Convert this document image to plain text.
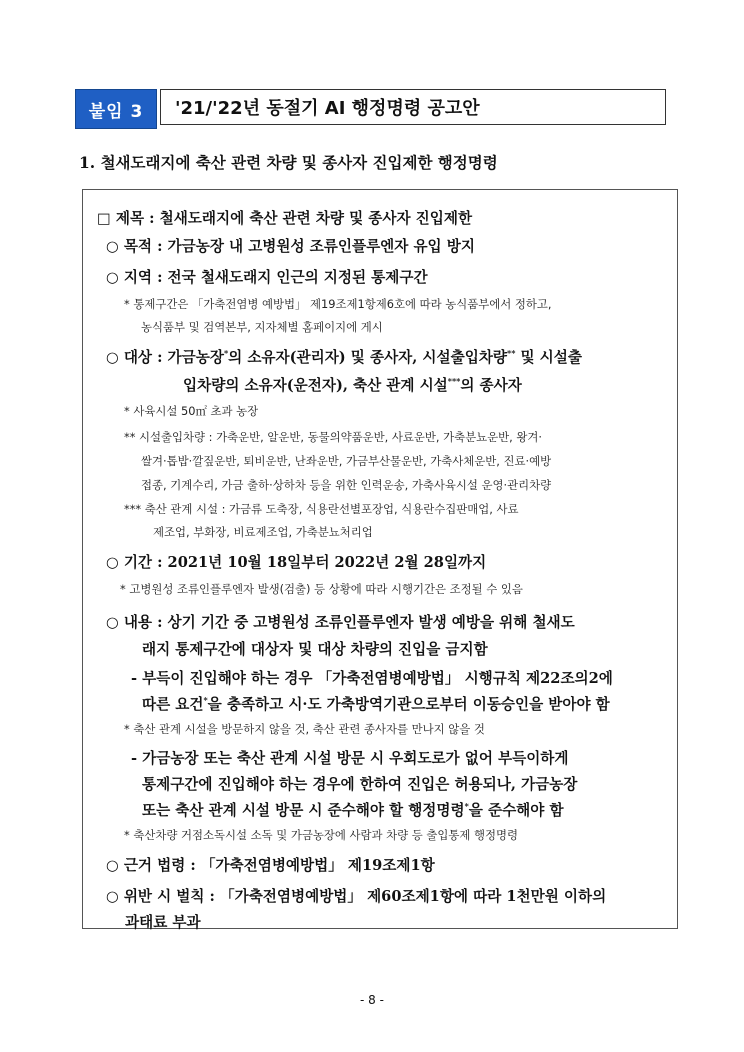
붙임 3	'21/'22년 동절기 AI 행정명령 공고안
1. 철새도래지에 축산 관련 차량 및 종사자 진입제한 행정명령
□ 제목 : 철새도래지에 축산 관련 차량 및 종사자 진입제한
○ 목적 : 가금농장 내 고병원성 조류인플루엔자 유입 방지
○ 지역 : 전국 철새도래지 인근의 지정된 통제구간
* 통제구간은 「가축전염병 예방법」 제19조제1항제6호에 따라 농식품부에서 정하고,
농식품부 및 검역본부, 지자체별 홈페이지에 게시
○ 대상 : 가금농장*의 소유자(관리자) 및 종사자, 시설출입차량** 및 시설출
입차량의 소유자(운전자), 축산 관계 시설***의 종사자
* 사육시설 50㎡ 초과 농장
** 시설출입차량 : 가축운반, 알운반, 동물의약품운반, 사료운반, 가축분뇨운반, 왕겨·
쌀겨·톱밥·깔짚운반, 퇴비운반, 난좌운반, 가금부산물운반, 가축사체운반, 진료·예방
접종, 기계수리, 가금 출하·상하차 등을 위한 인력운송, 가축사육시설 운영·관리차량
*** 축산 관계 시설 : 가금류 도축장, 식용란선별포장업, 식용란수집판매업, 사료
제조업, 부화장, 비료제조업, 가축분뇨처리업
○ 기간 : 2021년 10월 18일부터 2022년 2월 28일까지
* 고병원성 조류인플루엔자 발생(검출) 등 상황에 따라 시행기간은 조정될 수 있음
○ 내용 : 상기 기간 중 고병원성 조류인플루엔자 발생 예방을 위해 철새도
래지 통제구간에 대상자 및 대상 차량의 진입을 금지함
- 부득이 진입해야 하는 경우 「가축전염병예방법」 시행규칙 제22조의2에
따른 요건*을 충족하고 시·도 가축방역기관으로부터 이동승인을 받아야 함
* 축산 관계 시설을 방문하지 않을 것, 축산 관련 종사자를 만나지 않을 것
- 가금농장 또는 축산 관계 시설 방문 시 우회도로가 없어 부득이하게
통제구간에 진입해야 하는 경우에 한하여 진입은 허용되나, 가금농장
또는 축산 관계 시설 방문 시 준수해야 할 행정명령*을 준수해야 함
* 축산차량 거점소독시설 소독 및 가금농장에 사람과 차량 등 출입통제 행정명령
○ 근거 법령 : 「가축전염병예방법」 제19조제1항
○ 위반 시 벌칙 : 「가축전염병예방법」 제60조제1항에 따라 1천만원 이하의
과태료 부과
- 8 -
